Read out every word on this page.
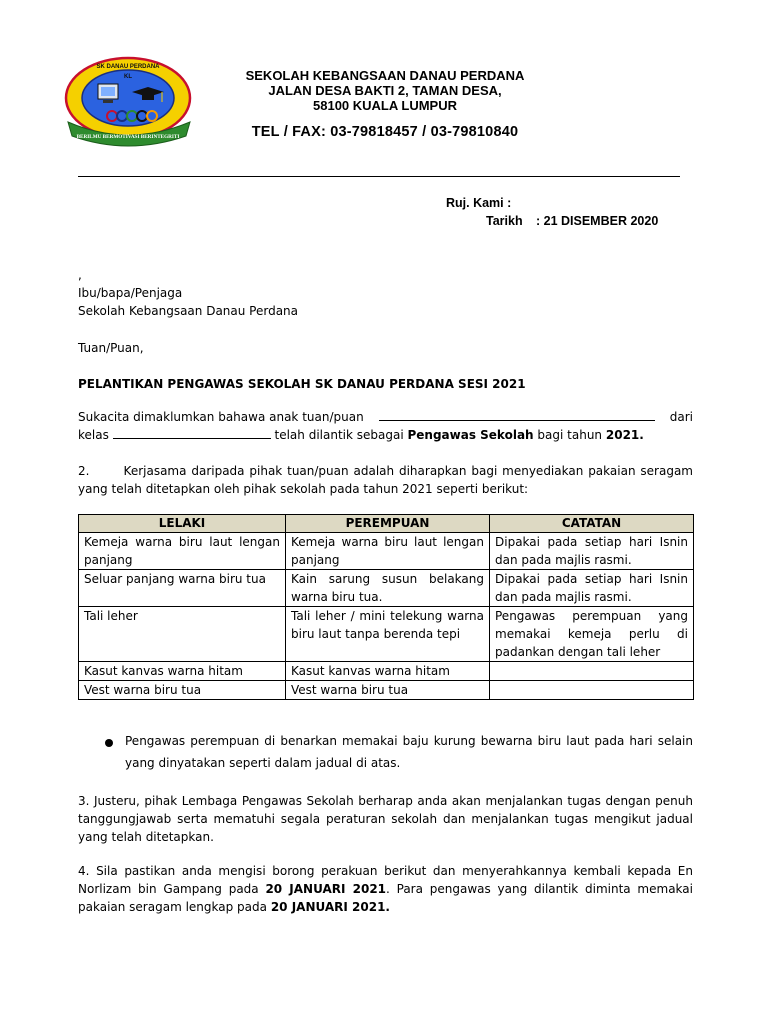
SK DANAU PERDANA
KL
BERILMU BERMOTIVASI BERINTEGRITI
SEKOLAH KEBANGSAAN DANAU PERDANA
JALAN DESA BAKTI 2, TAMAN DESA,
58100 KUALA LUMPUR
TEL / FAX: 03-79818457 / 03-79810840
Ruj. Kami :
Tarikh : 21 DISEMBER 2020
,
Ibu/bapa/Penjaga
Sekolah Kebangsaan Danau Perdana
Tuan/Puan,
PELANTIKAN PENGAWAS SEKOLAH SK DANAU PERDANA SESI 2021
Sukacita dimaklumkan bahawa anak tuan/puan	dari
kelas	telah dilantik sebagai Pengawas Sekolah bagi tahun 2021.
2.       Kerjasama daripada pihak tuan/puan adalah diharapkan bagi menyediakan pakaian seragam yang telah ditetapkan oleh pihak sekolah pada tahun 2021 seperti berikut:
LELAKI	PEREMPUAN	CATATAN
Kemeja warna biru laut lengan panjang	Kemeja warna biru laut lengan panjang	Dipakai pada setiap hari Isnin dan pada majlis rasmi.
Seluar panjang warna biru tua	Kain sarung susun belakang warna biru tua.	Dipakai pada setiap hari Isnin dan pada majlis rasmi.
Tali leher	Tali leher / mini telekung warna biru laut tanpa berenda tepi	Pengawas perempuan yang memakai kemeja perlu di padankan dengan tali leher
Kasut kanvas warna hitam	Kasut kanvas warna hitam	
Vest warna biru tua	Vest warna biru tua	
Pengawas perempuan di benarkan memakai baju kurung bewarna biru laut pada hari selain yang dinyatakan seperti dalam jadual di atas.
3. Justeru, pihak Lembaga Pengawas Sekolah berharap anda akan menjalankan tugas dengan penuh tanggungjawab serta mematuhi segala peraturan sekolah dan menjalankan tugas mengikut jadual yang telah ditetapkan.
4. Sila pastikan anda mengisi borong perakuan berikut dan menyerahkannya kembali kepada En Norlizam bin Gampang pada 20 JANUARI 2021. Para pengawas yang dilantik diminta memakai pakaian seragam lengkap pada 20 JANUARI 2021.
